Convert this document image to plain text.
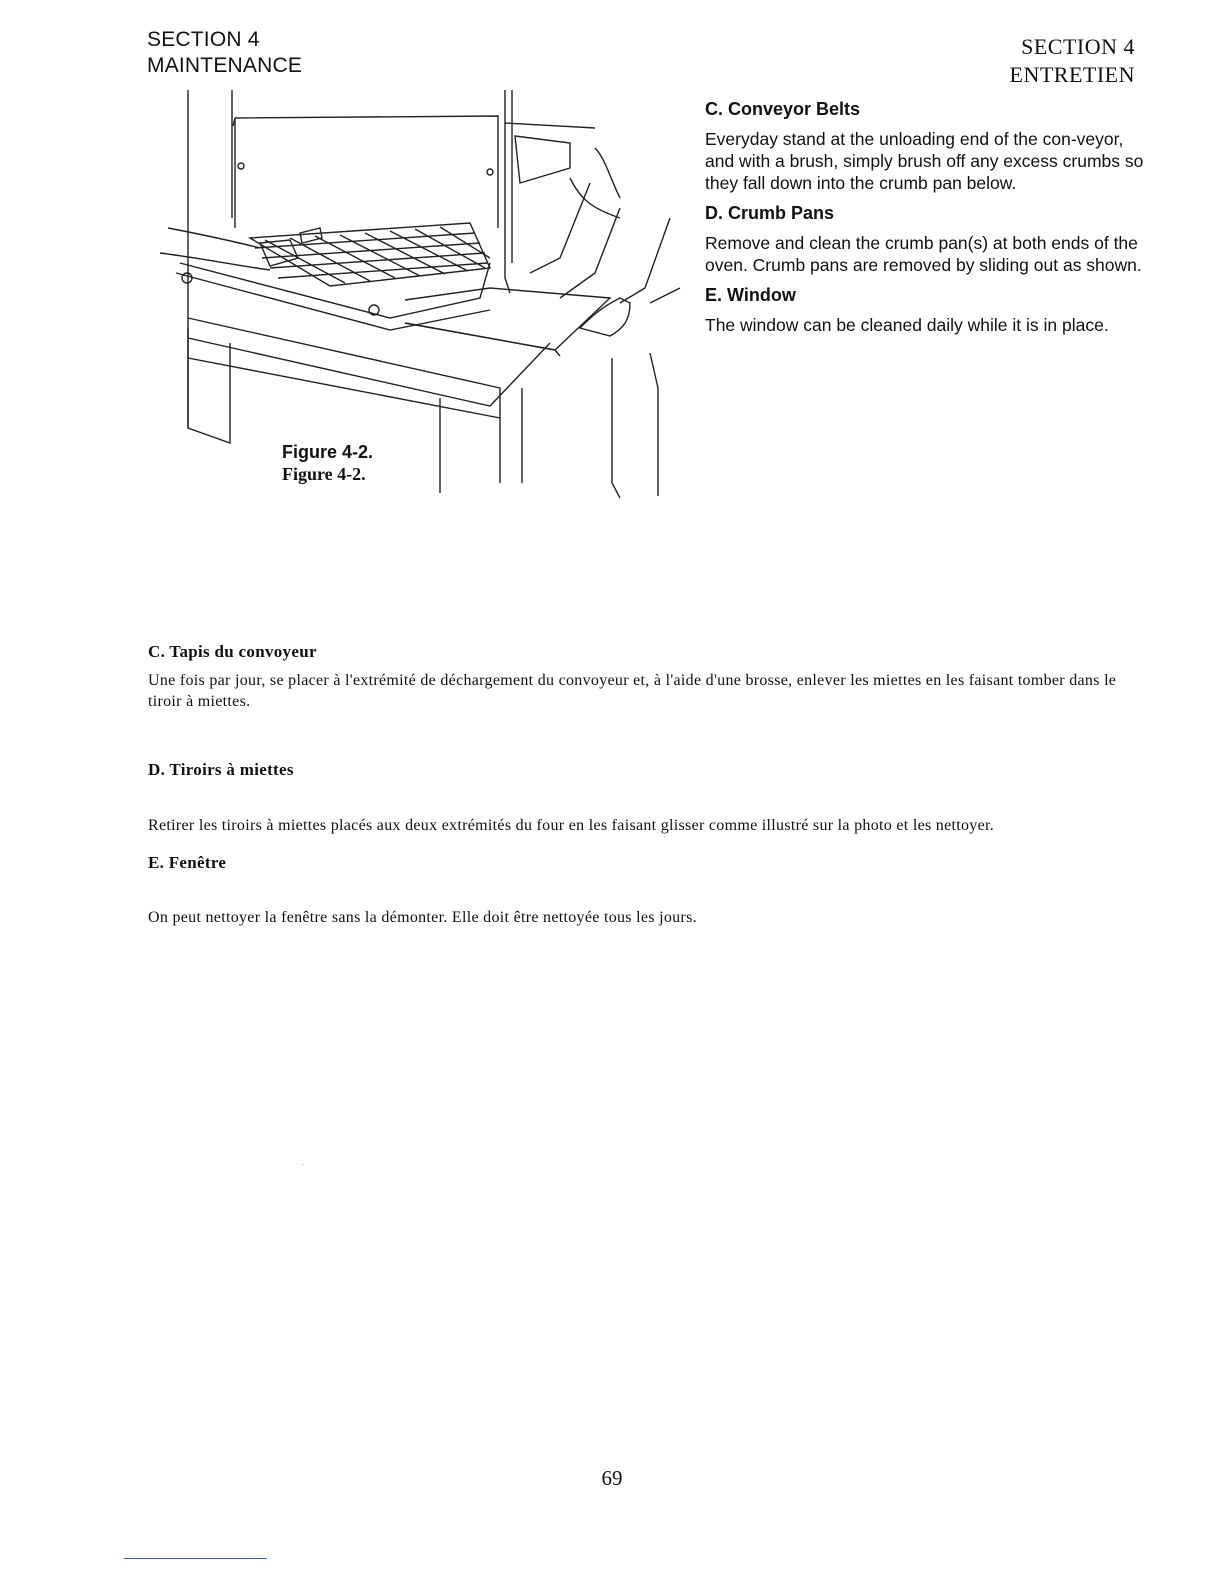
SECTION 4
MAINTENANCE
SECTION 4
ENTRETIEN
Figure 4-2.
Figure 4-2.
C. Conveyor Belts

Everyday stand at the unloading end of the con-veyor, and with a brush, simply brush off any excess crumbs so they fall down into the crumb pan below.

D. Crumb Pans

Remove and clean the crumb pan(s) at both ends of the oven. Crumb pans are removed by sliding out as shown.

E. Window

The window can be cleaned daily while it is in place.

C. Tapis du convoyeur

Une fois par jour, se placer à l'extrémité de déchargement du convoyeur et, à l'aide d'une brosse, enlever les miettes en les faisant tomber dans le tiroir à miettes.

D. Tiroirs à miettes

Retirer les tiroirs à miettes placés aux deux extrémités du four en les faisant glisser comme illustré sur la photo et les nettoyer.

E. Fenêtre

On peut nettoyer la fenêtre sans la démonter. Elle doit être nettoyée tous les jours.

69
